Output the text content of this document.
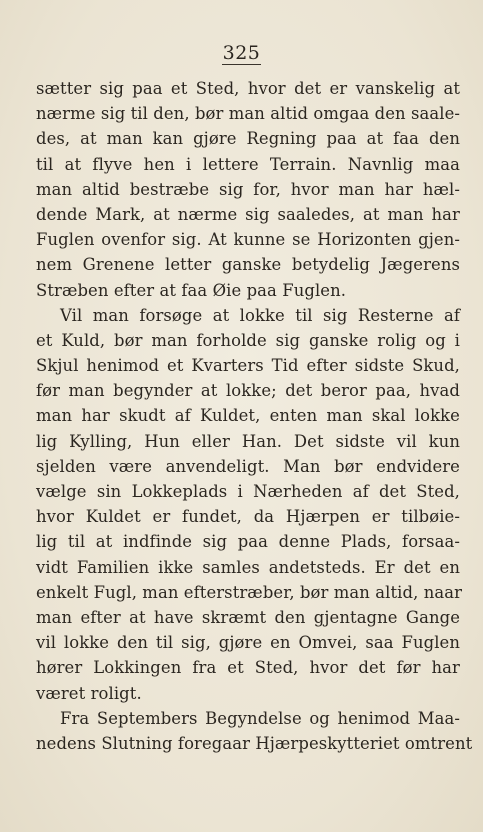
325
sætter sig paa et Sted, hvor det er vanskelig at
nærme sig til den, bør man altid omgaa den saale-
des, at man kan gjøre Regning paa at faa den
til at flyve hen i lettere Terrain. Navnlig maa
man altid bestræbe sig for, hvor man har hæl-
dende Mark, at nærme sig saaledes, at man har
Fuglen ovenfor sig. At kunne se Horizonten gjen-
nem Grenene letter ganske betydelig Jægerens
Stræben efter at faa Øie paa Fuglen.
Vil man forsøge at lokke til sig Resterne af
et Kuld, bør man forholde sig ganske rolig og i
Skjul henimod et Kvarters Tid efter sidste Skud,
før man begynder at lokke; det beror paa, hvad
man har skudt af Kuldet, enten man skal lokke
lig Kylling, Hun eller Han. Det sidste vil kun
sjelden være anvendeligt. Man bør endvidere
vælge sin Lokkeplads i Nærheden af det Sted,
hvor Kuldet er fundet, da Hjærpen er tilbøie-
lig til at indfinde sig paa denne Plads, forsaa-
vidt Familien ikke samles andetsteds. Er det en
enkelt Fugl, man efterstræber, bør man altid, naar
man efter at have skræmt den gjentagne Gange
vil lokke den til sig, gjøre en Omvei, saa Fuglen
hører Lokkingen fra et Sted, hvor det før har
været roligt.
Fra Septembers Begyndelse og henimod Maa-
nedens Slutning foregaar Hjærpeskytteriet omtrent
